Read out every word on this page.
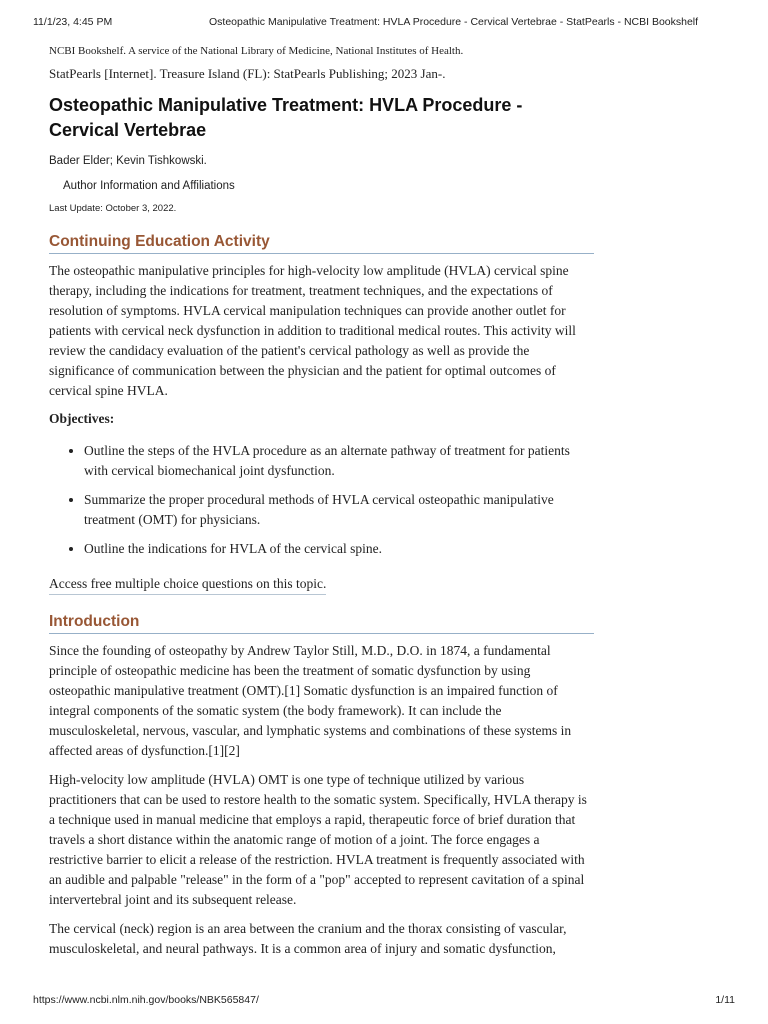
11/1/23, 4:45 PM	Osteopathic Manipulative Treatment: HVLA Procedure - Cervical Vertebrae - StatPearls - NCBI Bookshelf

NCBI Bookshelf. A service of the National Library of Medicine, National Institutes of Health.

StatPearls [Internet]. Treasure Island (FL): StatPearls Publishing; 2023 Jan-.

Osteopathic Manipulative Treatment: HVLA Procedure - Cervical Vertebrae

Bader Elder; Kevin Tishkowski.

Author Information and Affiliations

Last Update: October 3, 2022.

Continuing Education Activity

The osteopathic manipulative principles for high-velocity low amplitude (HVLA) cervical spine therapy, including the indications for treatment, treatment techniques, and the expectations of resolution of symptoms. HVLA cervical manipulation techniques can provide another outlet for patients with cervical neck dysfunction in addition to traditional medical routes. This activity will review the candidacy evaluation of the patient's cervical pathology as well as provide the significance of communication between the physician and the patient for optimal outcomes of cervical spine HVLA.

Objectives:

• Outline the steps of the HVLA procedure as an alternate pathway of treatment for patients with cervical biomechanical joint dysfunction.
• Summarize the proper procedural methods of HVLA cervical osteopathic manipulative treatment (OMT) for physicians.
• Outline the indications for HVLA of the cervical spine.
Access free multiple choice questions on this topic.
Introduction

Since the founding of osteopathy by Andrew Taylor Still, M.D., D.O. in 1874, a fundamental principle of osteopathic medicine has been the treatment of somatic dysfunction by using osteopathic manipulative treatment (OMT).[1] Somatic dysfunction is an impaired function of integral components of the somatic system (the body framework). It can include the musculoskeletal, nervous, vascular, and lymphatic systems and combinations of these systems in affected areas of dysfunction.[1][2]

High-velocity low amplitude (HVLA) OMT is one type of technique utilized by various practitioners that can be used to restore health to the somatic system. Specifically, HVLA therapy is a technique used in manual medicine that employs a rapid, therapeutic force of brief duration that travels a short distance within the anatomic range of motion of a joint. The force engages a restrictive barrier to elicit a release of the restriction. HVLA treatment is frequently associated with an audible and palpable "release" in the form of a "pop" accepted to represent cavitation of a spinal intervertebral joint and its subsequent release.

The cervical (neck) region is an area between the cranium and the thorax consisting of vascular, musculoskeletal, and neural pathways. It is a common area of injury and somatic dysfunction,

https://www.ncbi.nlm.nih.gov/books/NBK565847/	1/11
